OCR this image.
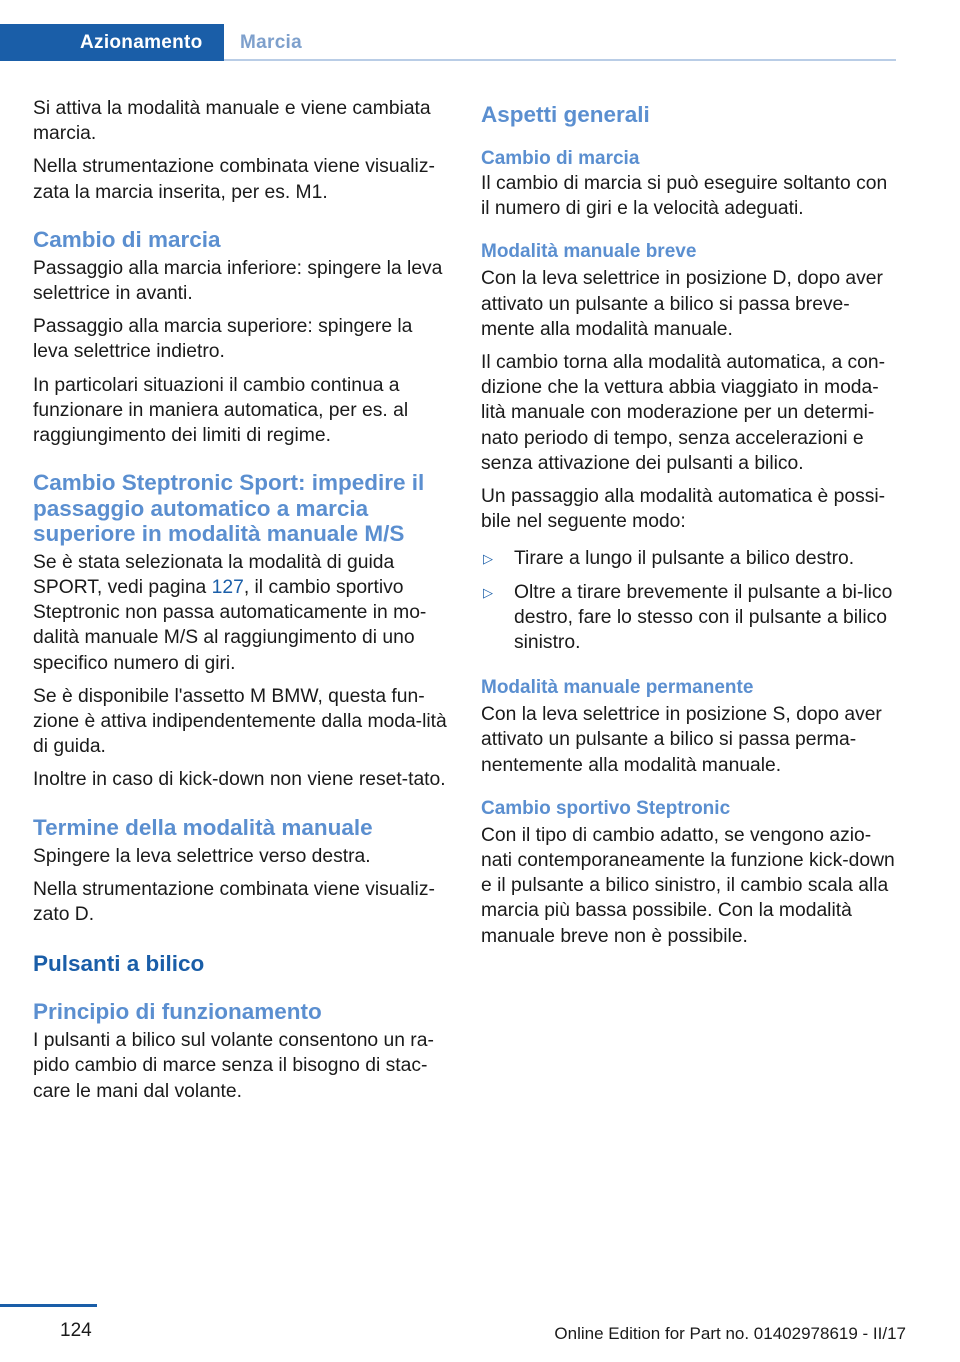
Azionamento	Marcia

Si attiva la modalità manuale e viene cambiata marcia.

Nella strumentazione combinata viene visualiz‐zata la marcia inserita, per es. M1.

Cambio di marcia

Passaggio alla marcia inferiore: spingere la leva selettrice in avanti.

Passaggio alla marcia superiore: spingere la leva selettrice indietro.

In particolari situazioni il cambio continua a funzionare in maniera automatica, per es. al raggiungimento dei limiti di regime.

Cambio Steptronic Sport: impedire il passaggio automatico a marcia superiore in modalità manuale M/S

Se è stata selezionata la modalità di guida SPORT, vedi pagina 127, il cambio sportivo Steptronic non passa automaticamente in mo‐dalità manuale M/S al raggiungimento di uno specifico numero di giri.

Se è disponibile l'assetto M BMW, questa fun‐zione è attiva indipendentemente dalla moda‐lità di guida.

Inoltre in caso di kick-down non viene reset‐tato.

Termine della modalità manuale

Spingere la leva selettrice verso destra.

Nella strumentazione combinata viene visualiz‐zato D.

Pulsanti a bilico
Principio di funzionamento

I pulsanti a bilico sul volante consentono un ra‐pido cambio di marce senza il bisogno di stac‐care le mani dal volante.

Aspetti generali
Cambio di marcia

Il cambio di marcia si può eseguire soltanto con il numero di giri e la velocità adeguati.

Modalità manuale breve

Con la leva selettrice in posizione D, dopo aver attivato un pulsante a bilico si passa breve‐mente alla modalità manuale.

Il cambio torna alla modalità automatica, a con‐dizione che la vettura abbia viaggiato in moda‐lità manuale con moderazione per un determi‐nato periodo di tempo, senza accelerazioni e senza attivazione dei pulsanti a bilico.

Un passaggio alla modalità automatica è possi‐bile nel seguente modo:

▷ Tirare a lungo il pulsante a bilico destro.
▷ Oltre a tirare brevemente il pulsante a bi‐lico destro, fare lo stesso con il pulsante a bilico sinistro.
Modalità manuale permanente

Con la leva selettrice in posizione S, dopo aver attivato un pulsante a bilico si passa perma‐nentemente alla modalità manuale.

Cambio sportivo Steptronic

Con il tipo di cambio adatto, se vengono azio‐nati contemporaneamente la funzione kick‐down e il pulsante a bilico sinistro, il cambio scala alla marcia più bassa possibile. Con la modalità manuale breve non è possibile.

124	Online Edition for Part no. 01402978619 - II/17
